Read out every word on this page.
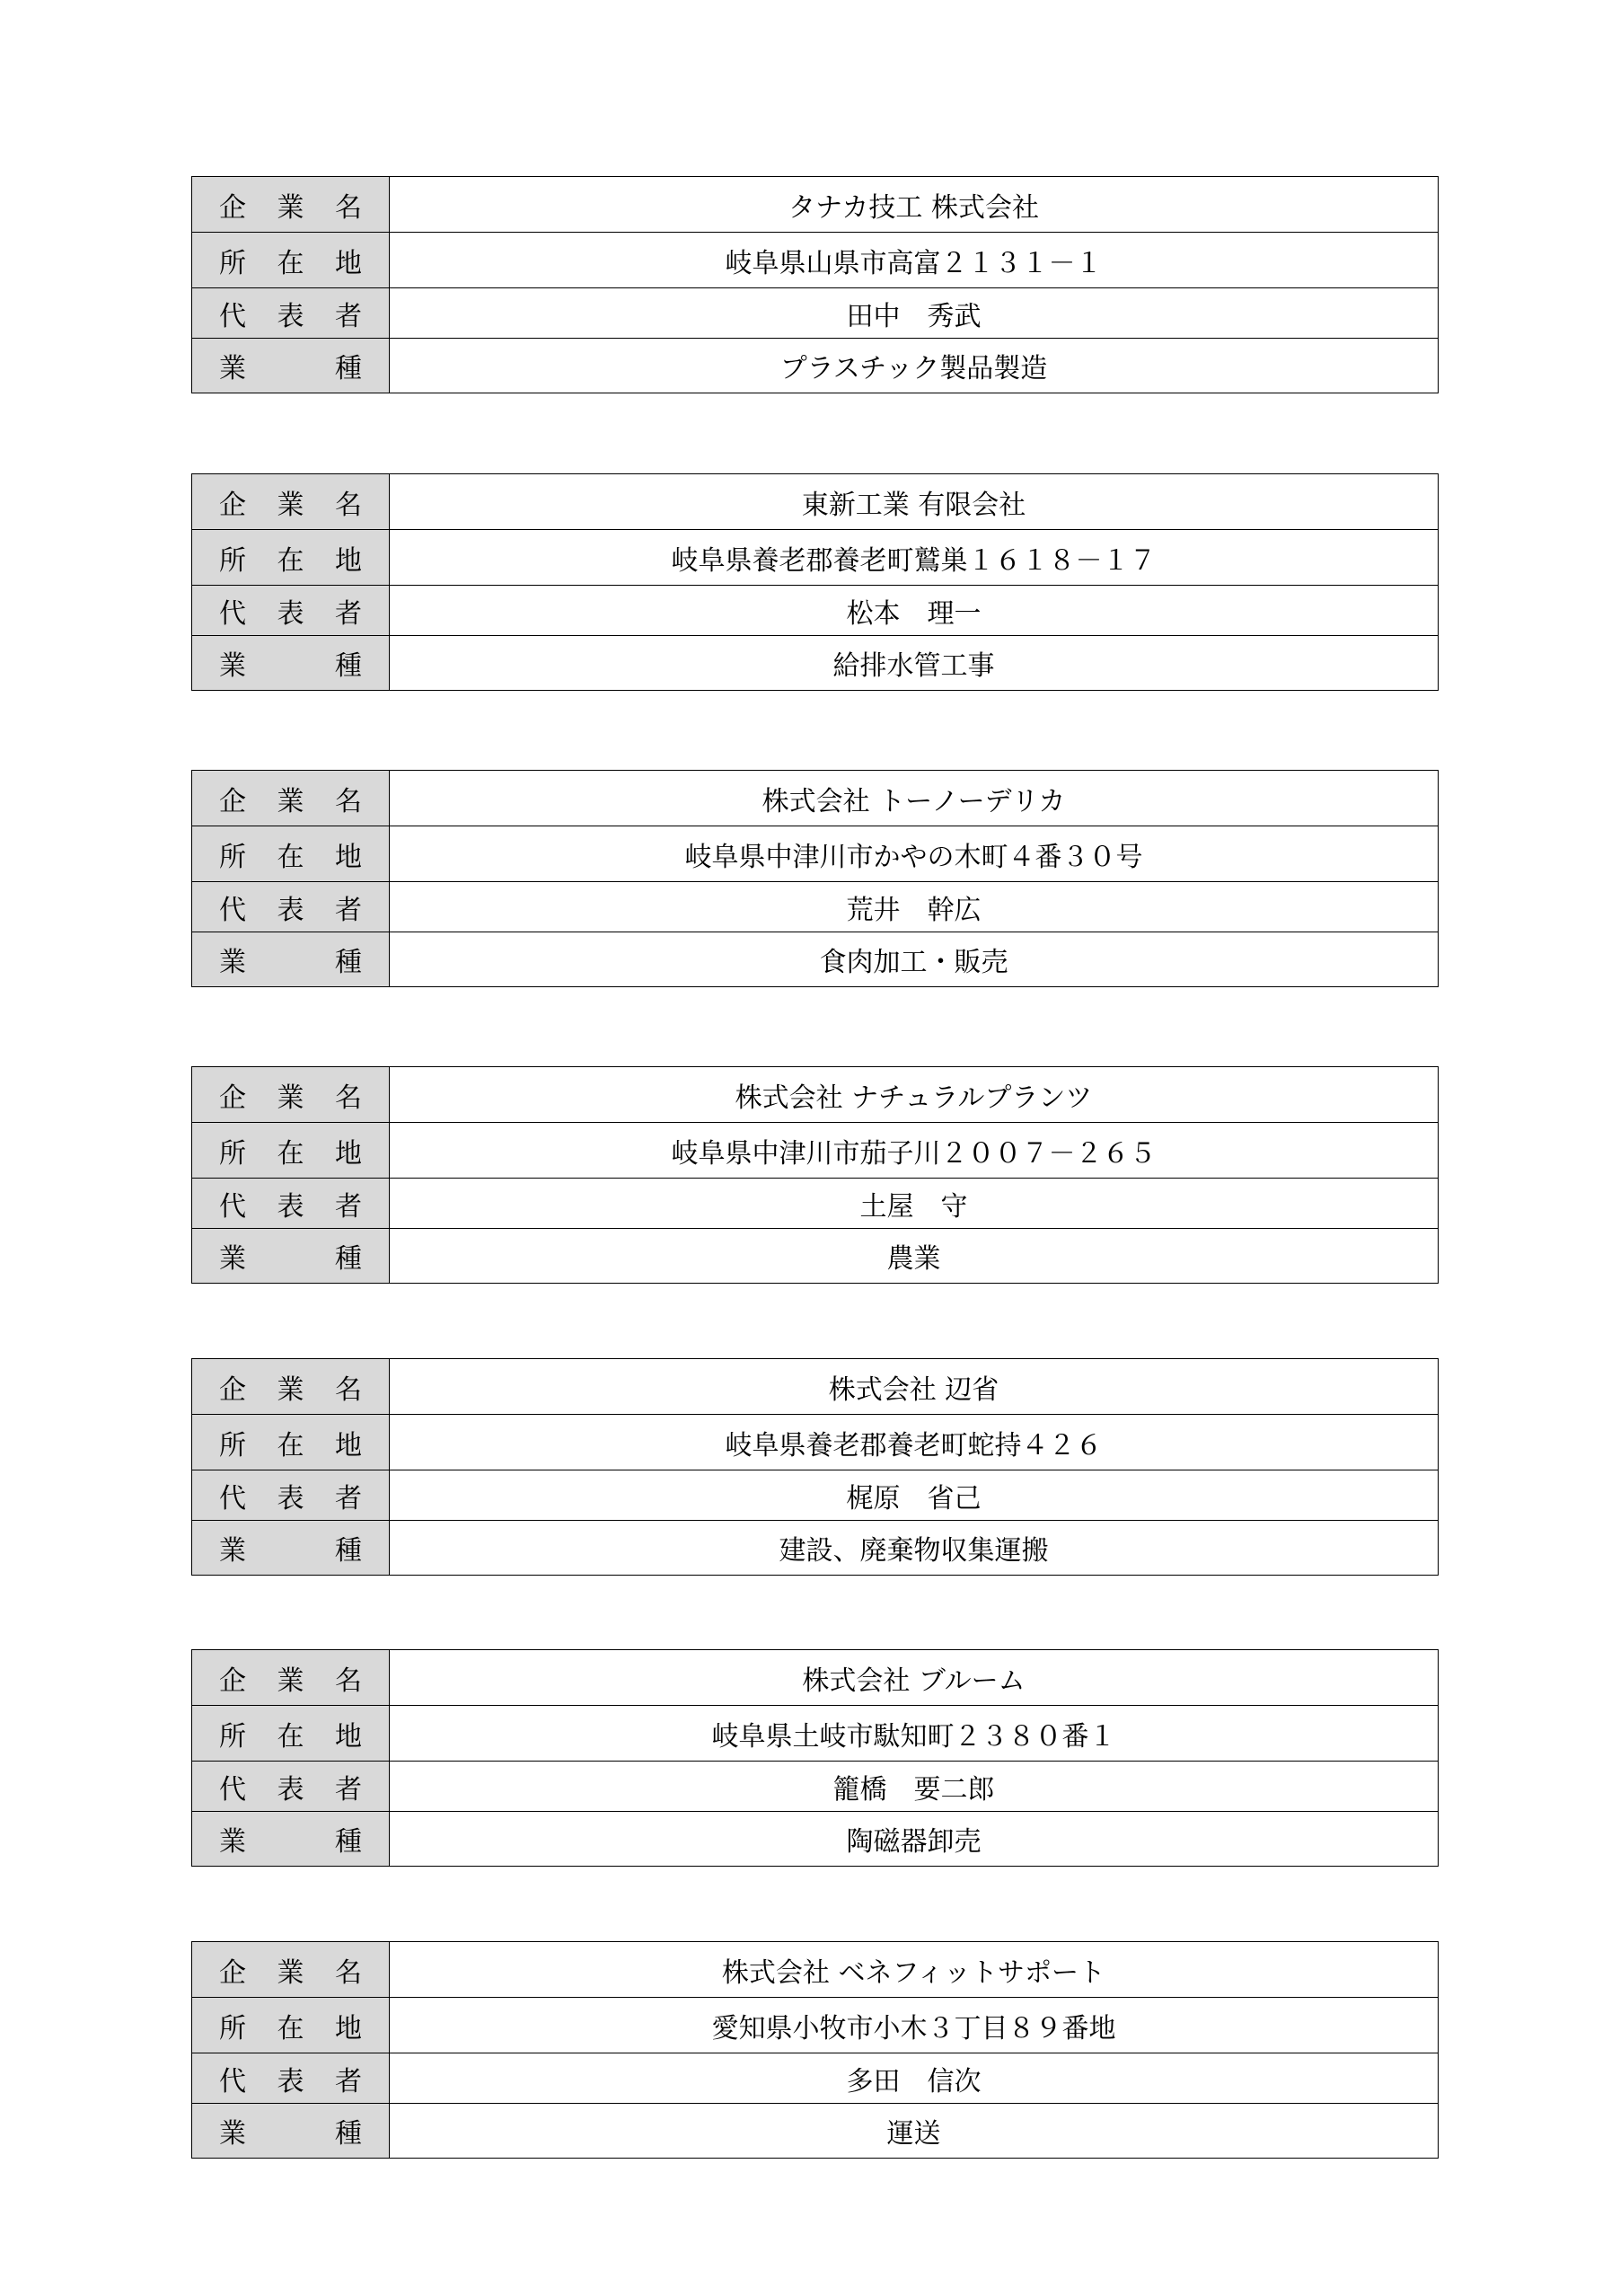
企 業 名	タナカ技工 株式会社

所 在 地	岐阜県山県市高富２１３１－１

代 表 者	田中　秀武

業 種	プラスチック製品製造
企 業 名	東新工業 有限会社

所 在 地	岐阜県養老郡養老町鷲巣１６１８－１７

代 表 者	松本　理一

業 種	給排水管工事
企 業 名	株式会社 トーノーデリカ

所 在 地	岐阜県中津川市かやの木町４番３０号

代 表 者	荒井　幹広

業 種	食肉加工・販売
企 業 名	株式会社 ナチュラルプランツ

所 在 地	岐阜県中津川市茄子川２００７－２６５

代 表 者	土屋　守

業 種	農業
企 業 名	株式会社 辺省

所 在 地	岐阜県養老郡養老町蛇持４２６

代 表 者	梶原　省己

業 種	建設、廃棄物収集運搬
企 業 名	株式会社 ブルーム

所 在 地	岐阜県土岐市駄知町２３８０番１

代 表 者	籠橋　要二郎

業 種	陶磁器卸売
企 業 名	株式会社 ベネフィットサポート

所 在 地	愛知県小牧市小木３丁目８９番地

代 表 者	多田　信次

業 種	運送
